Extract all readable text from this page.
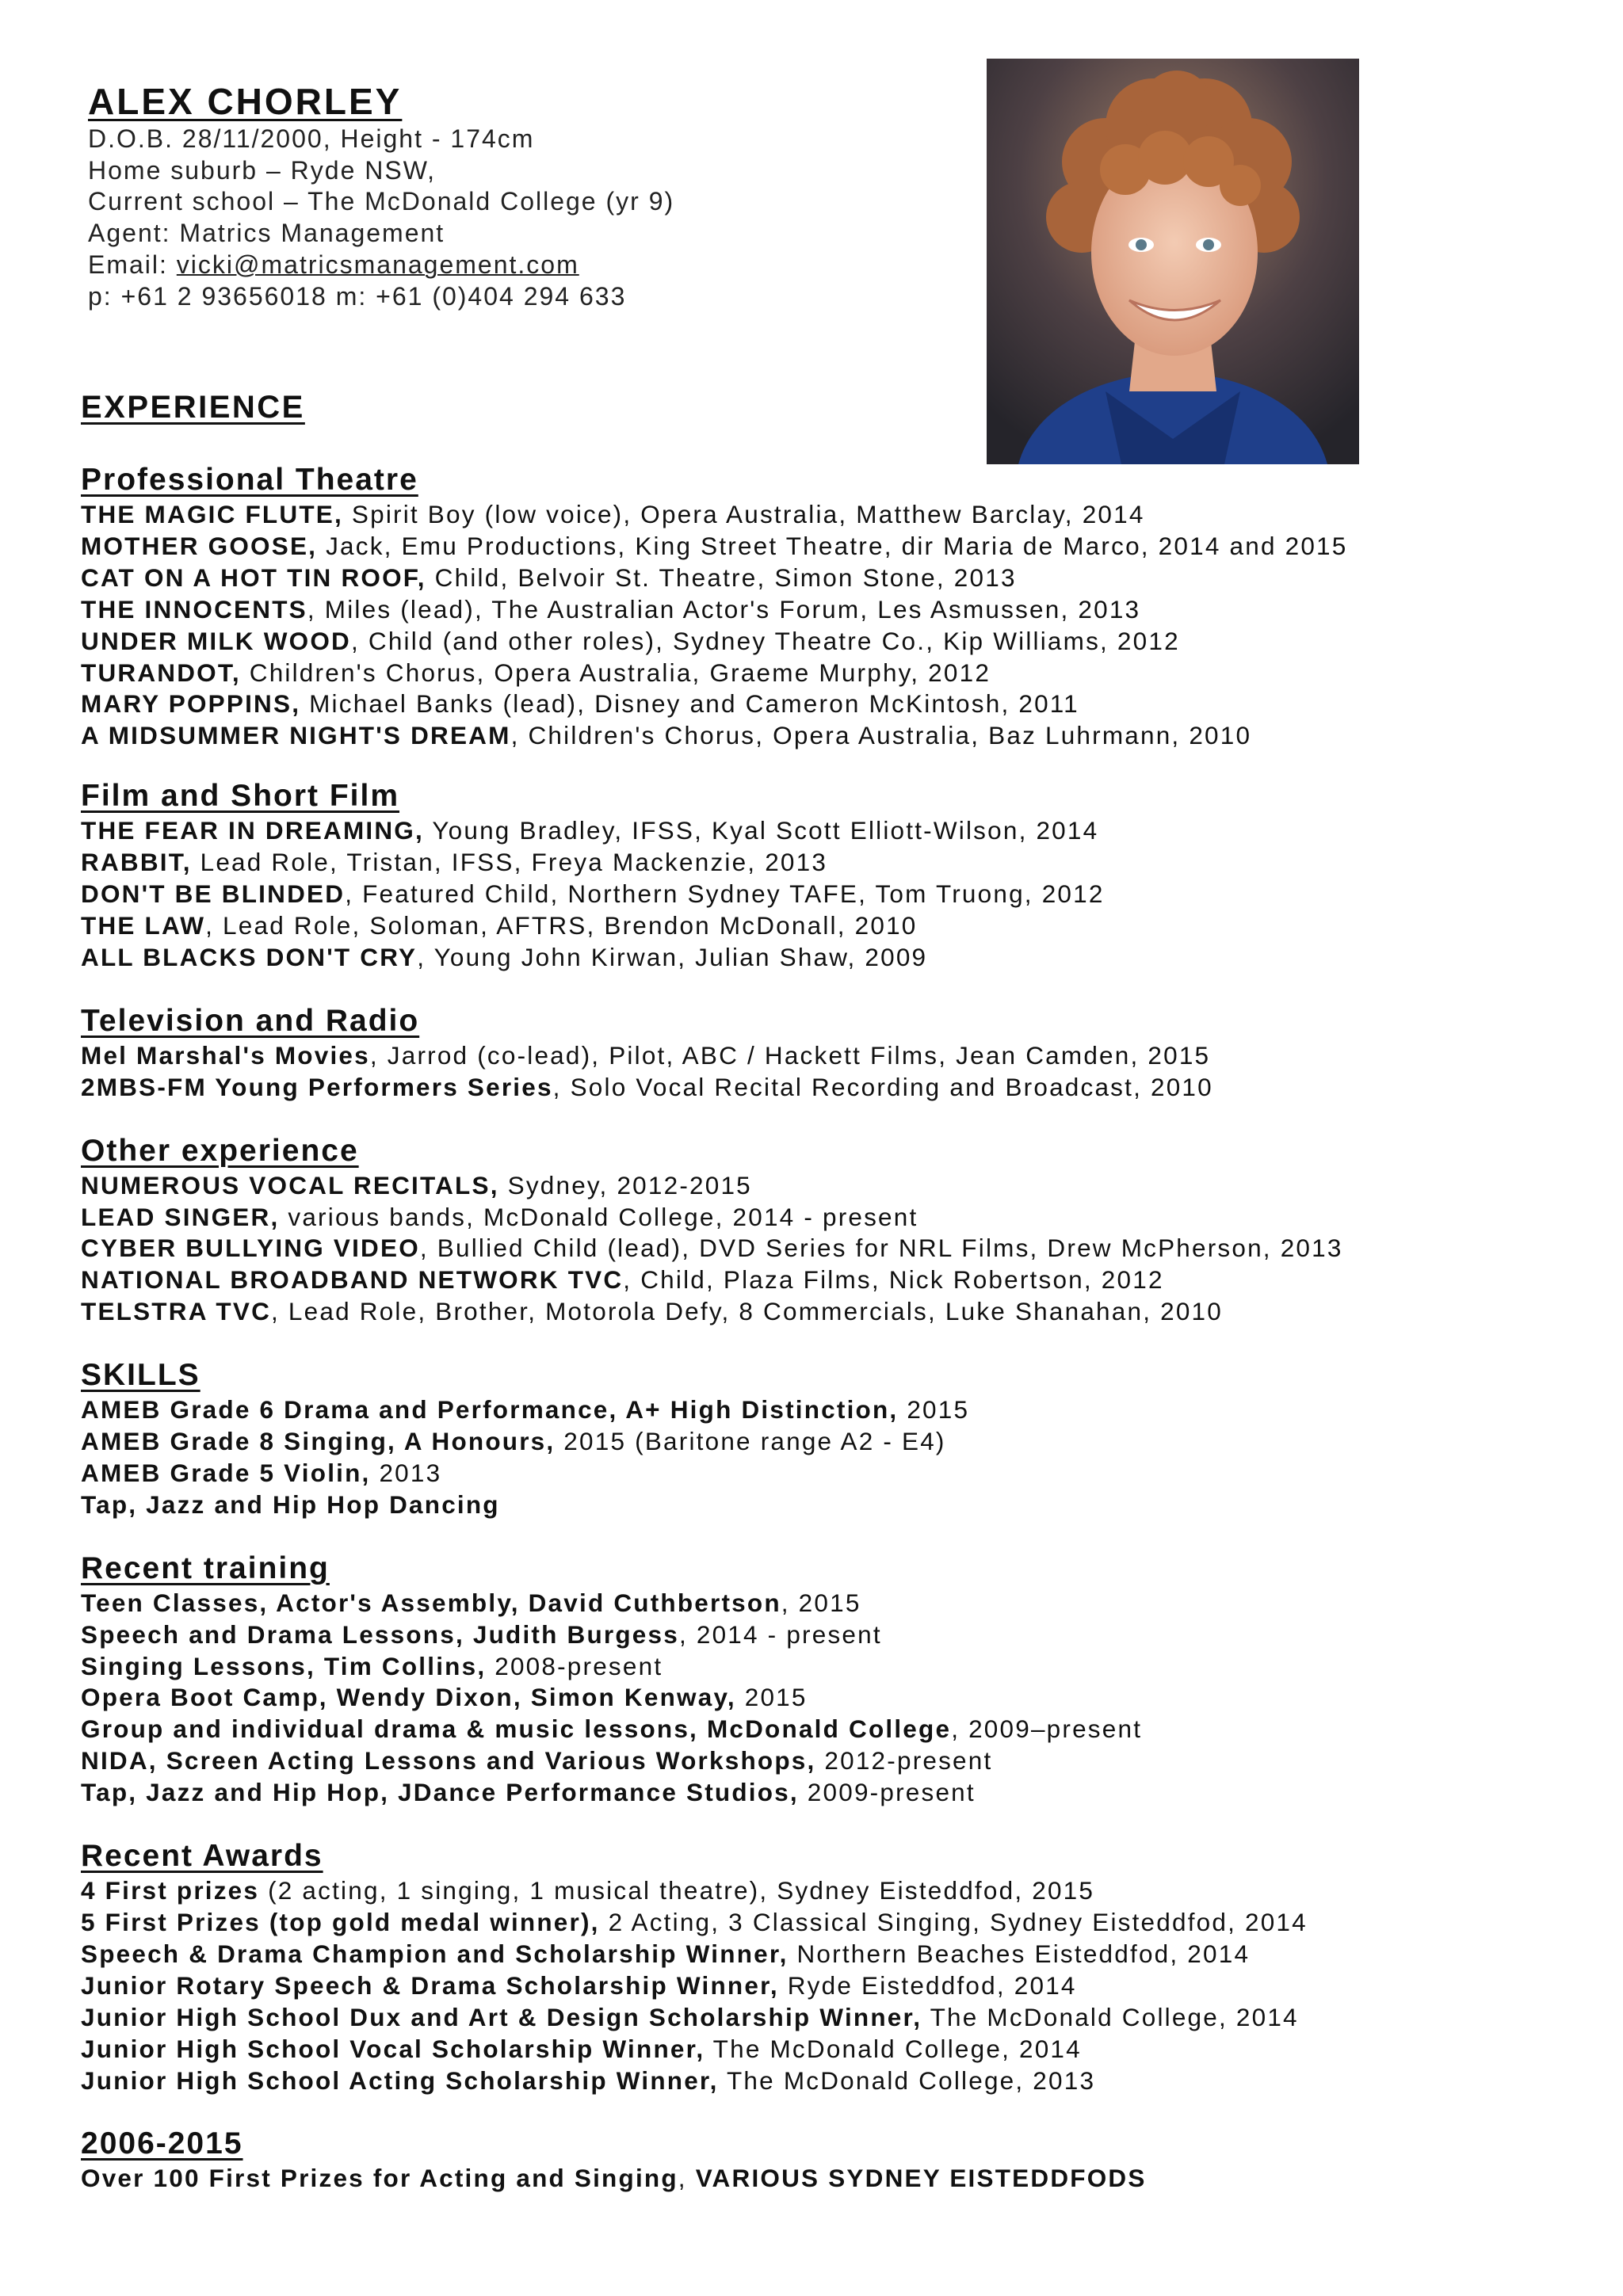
ALEX CHORLEY
D.O.B. 28/11/2000, Height - 174cm
Home suburb – Ryde NSW,
Current school – The McDonald College (yr 9)
Agent: Matrics Management
Email: vicki@matricsmanagement.com
p: +61 2 93656018 m: +61 (0)404 294 633
EXPERIENCE
Professional Theatre
THE MAGIC FLUTE, Spirit Boy (low voice), Opera Australia, Matthew Barclay, 2014
MOTHER GOOSE, Jack, Emu Productions, King Street Theatre, dir Maria de Marco, 2014 and 2015
CAT ON A HOT TIN ROOF, Child, Belvoir St. Theatre, Simon Stone, 2013
THE INNOCENTS, Miles (lead), The Australian Actor's Forum, Les Asmussen, 2013
UNDER MILK WOOD, Child (and other roles), Sydney Theatre Co., Kip Williams, 2012
TURANDOT, Children's Chorus, Opera Australia, Graeme Murphy, 2012
MARY POPPINS, Michael Banks (lead), Disney and Cameron McKintosh, 2011
A MIDSUMMER NIGHT'S DREAM, Children's Chorus, Opera Australia, Baz Luhrmann, 2010
Film and Short Film
THE FEAR IN DREAMING, Young Bradley, IFSS, Kyal Scott Elliott-Wilson, 2014
RABBIT, Lead Role, Tristan, IFSS, Freya Mackenzie, 2013
DON'T BE BLINDED, Featured Child, Northern Sydney TAFE, Tom Truong, 2012
THE LAW, Lead Role, Soloman, AFTRS, Brendon McDonall, 2010
ALL BLACKS DON'T CRY, Young John Kirwan, Julian Shaw, 2009
Television and Radio
Mel Marshal's Movies, Jarrod (co-lead), Pilot, ABC / Hackett Films, Jean Camden, 2015
2MBS-FM Young Performers Series, Solo Vocal Recital Recording and Broadcast, 2010
Other experience
NUMEROUS VOCAL RECITALS, Sydney, 2012-2015
LEAD SINGER, various bands, McDonald College, 2014 - present
CYBER BULLYING VIDEO, Bullied Child (lead), DVD Series for NRL Films, Drew McPherson, 2013
NATIONAL BROADBAND NETWORK TVC, Child, Plaza Films, Nick Robertson, 2012
TELSTRA TVC, Lead Role, Brother, Motorola Defy, 8 Commercials, Luke Shanahan, 2010
SKILLS
AMEB Grade 6 Drama and Performance, A+ High Distinction, 2015
AMEB Grade 8 Singing, A Honours, 2015 (Baritone range A2 - E4)
AMEB Grade 5 Violin, 2013
Tap, Jazz and Hip Hop Dancing
Recent training
Teen Classes, Actor's Assembly, David Cuthbertson, 2015
Speech and Drama Lessons, Judith Burgess, 2014 - present
Singing Lessons, Tim Collins, 2008-present
Opera Boot Camp, Wendy Dixon, Simon Kenway, 2015
Group and individual drama & music lessons, McDonald College, 2009–present
NIDA, Screen Acting Lessons and Various Workshops, 2012-present
Tap, Jazz and Hip Hop, JDance Performance Studios, 2009-present
Recent Awards
4 First prizes (2 acting, 1 singing, 1 musical theatre), Sydney Eisteddfod, 2015
5 First Prizes (top gold medal winner), 2 Acting, 3 Classical Singing, Sydney Eisteddfod, 2014
Speech & Drama Champion and Scholarship Winner, Northern Beaches Eisteddfod, 2014
Junior Rotary Speech & Drama Scholarship Winner, Ryde Eisteddfod, 2014
Junior High School Dux and Art & Design Scholarship Winner, The McDonald College, 2014
Junior High School Vocal Scholarship Winner, The McDonald College, 2014
Junior High School Acting Scholarship Winner, The McDonald College, 2013
2006-2015
Over 100 First Prizes for Acting and Singing, VARIOUS SYDNEY EISTEDDFODS
